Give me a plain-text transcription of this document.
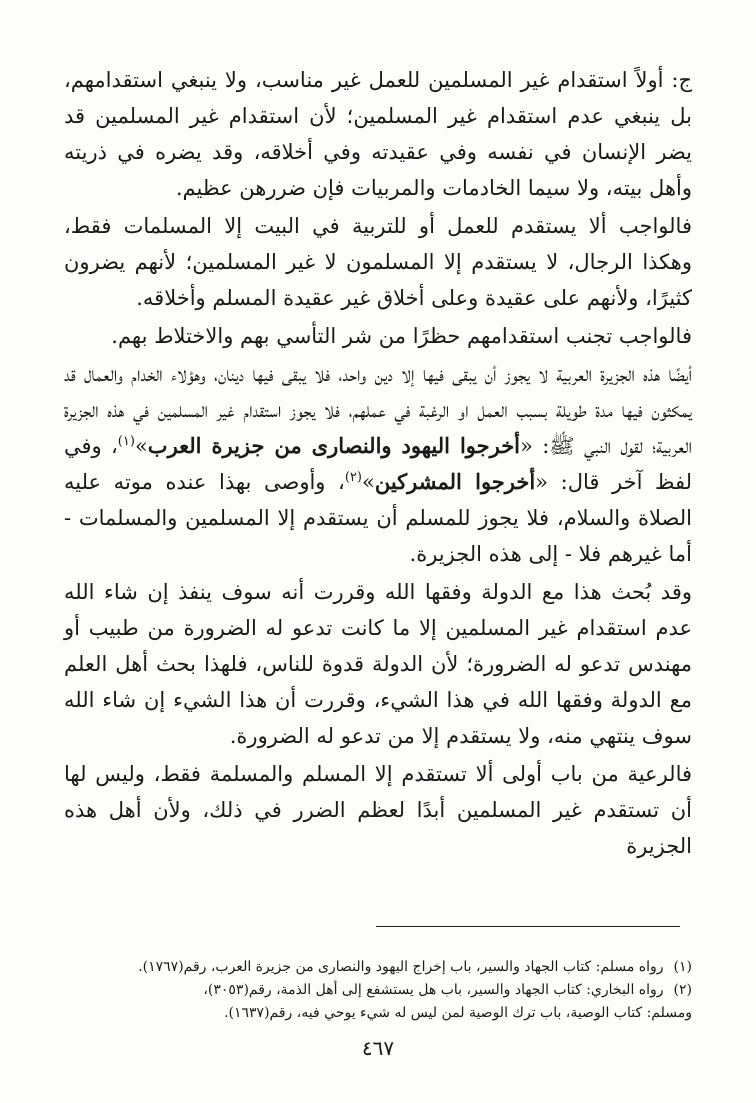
ج: أولاً استقدام غير المسلمين للعمل غير مناسب، ولا ينبغي استقدامهم، بل ينبغي عدم استقدام غير المسلمين؛ لأن استقدام غير المسلمين قد يضر الإنسان في نفسه وفي عقيدته وفي أخلاقه، وقد يضره في ذريته وأهل بيته، ولا سيما الخادمات والمربيات فإن ضررهن عظيم.

فالواجب ألا يستقدم للعمل أو للتربية في البيت إلا المسلمات فقط، وهكذا الرجال، لا يستقدم إلا المسلمون لا غير المسلمين؛ لأنهم يضرون كثيرًا، ولأنهم على عقيدة وعلى أخلاق غير عقيدة المسلم وأخلاقه.

فالواجب تجنب استقدامهم حظرًا من شر التأسي بهم والاختلاط بهم.

أيضًا هذه الجزيرة العربية لا يجوز أن يبقى فيها إلا دين واحد، فلا يبقى فيها دينان، وهؤلاء الخدام والعمال قد يمكثون فيها مدة طويلة بسبب العمل او الرغبة في عملهم، فلا يجوز استقدام غير المسلمين في هذه الجزيرة العربية؛ لقول النبي ﷺ: «أخرجوا اليهود والنصارى من جزيرة العرب»$^{(١)}$، وفي لفظ آخر قال: «أخرجوا المشركين»$^{(٢)}$، وأوصى بهذا عنده موته عليه الصلاة والسلام، فلا يجوز للمسلم أن يستقدم إلا المسلمين والمسلمات - أما غيرهم فلا - إلى هذه الجزيرة.

وقد بُحث هذا مع الدولة وفقها الله وقررت أنه سوف ينفذ إن شاء الله عدم استقدام غير المسلمين إلا ما كانت تدعو له الضرورة من طبيب أو مهندس تدعو له الضرورة؛ لأن الدولة قدوة للناس، فلهذا بحث أهل العلم مع الدولة وفقها الله في هذا الشيء، وقررت أن هذا الشيء إن شاء الله سوف ينتهي منه، ولا يستقدم إلا من تدعو له الضرورة.

فالرعية من باب أولى ألا تستقدم إلا المسلم والمسلمة فقط، وليس لها أن تستقدم غير المسلمين أبدًا لعظم الضرر في ذلك، ولأن أهل هذه الجزيرة

(١)
رواه مسلم: كتاب الجهاد والسير، باب إخراج اليهود والنصارى من جزيرة العرب، رقم(١٧٦٧).
(٢)
رواه البخاري: كتاب الجهاد والسير، باب هل يستشفع إلى أهل الذمة، رقم(٣٠٥٣)،
ومسلم: كتاب الوصية، باب ترك الوصية لمن ليس له شيء يوحي فيه، رقم(١٦٣٧).
٤٦٧
